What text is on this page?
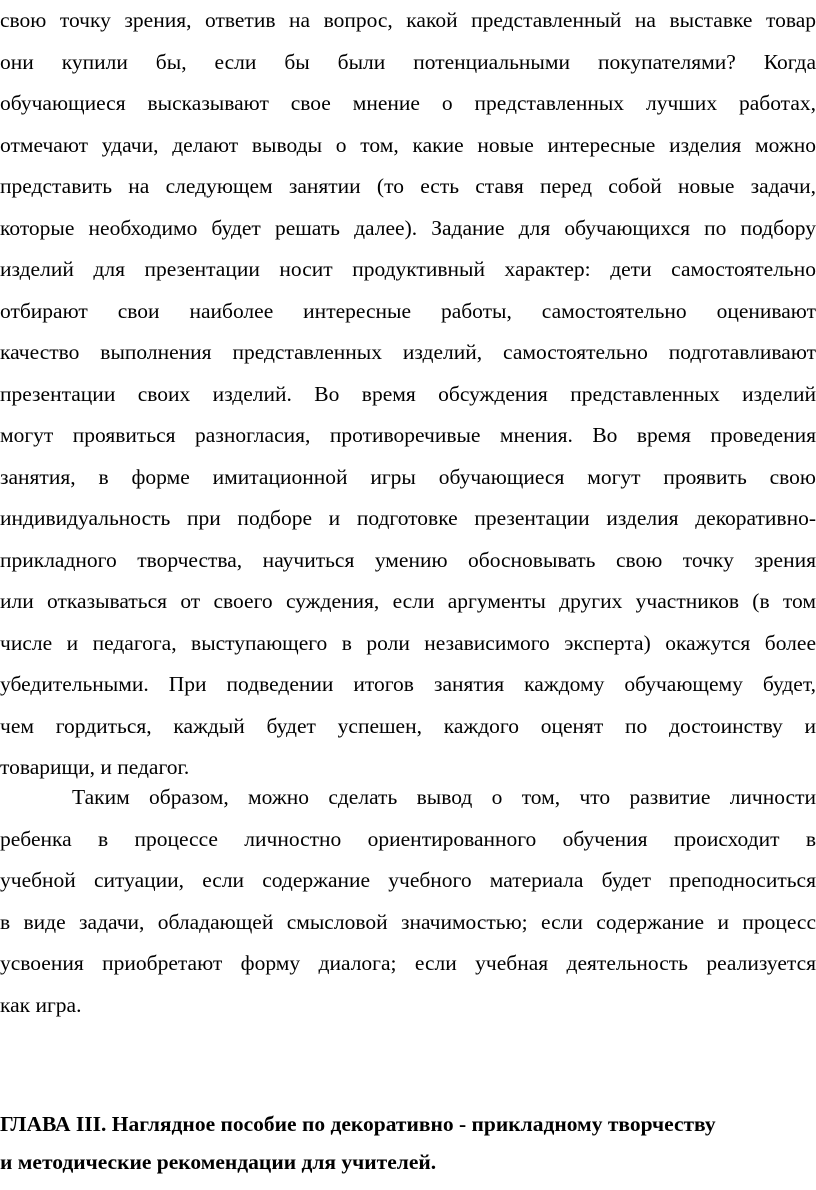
свою точку зрения, ответив на вопрос, какой представленный на выставке товар
они купили бы, если бы были потенциальными покупателями? Когда
обучающиеся высказывают свое мнение о представленных лучших работах,
отмечают удачи, делают выводы о том, какие новые интересные изделия можно
представить на следующем занятии (то есть ставя перед собой новые задачи,
которые необходимо будет решать далее). Задание для обучающихся по подбору
изделий для презентации носит продуктивный характер: дети самостоятельно
отбирают свои наиболее интересные работы, самостоятельно оценивают
качество выполнения представленных изделий, самостоятельно подготавливают
презентации своих изделий. Во время обсуждения представленных изделий
могут проявиться разногласия, противоречивые мнения. Во время проведения
занятия, в форме имитационной игры обучающиеся могут проявить свою
индивидуальность при подборе и подготовке презентации изделия декоративно-
прикладного творчества, научиться умению обосновывать свою точку зрения
или отказываться от своего суждения, если аргументы других участников (в том
числе и педагога, выступающего в роли независимого эксперта) окажутся более
убедительными. При подведении итогов занятия каждому обучающему будет,
чем гордиться, каждый будет успешен, каждого оценят по достоинству и
товарищи, и педагог.
Таким образом, можно сделать вывод о том, что развитие личности
ребенка в процессе личностно ориентированного обучения происходит в
учебной ситуации, если содержание учебного материала будет преподноситься
в виде задачи, обладающей смысловой значимостью; если содержание и процесс
усвоения приобретают форму диалога; если учебная деятельность реализуется
как игра.
ГЛАВА III. Наглядное пособие по декоративно - прикладному творчеству
и методические рекомендации для учителей.
